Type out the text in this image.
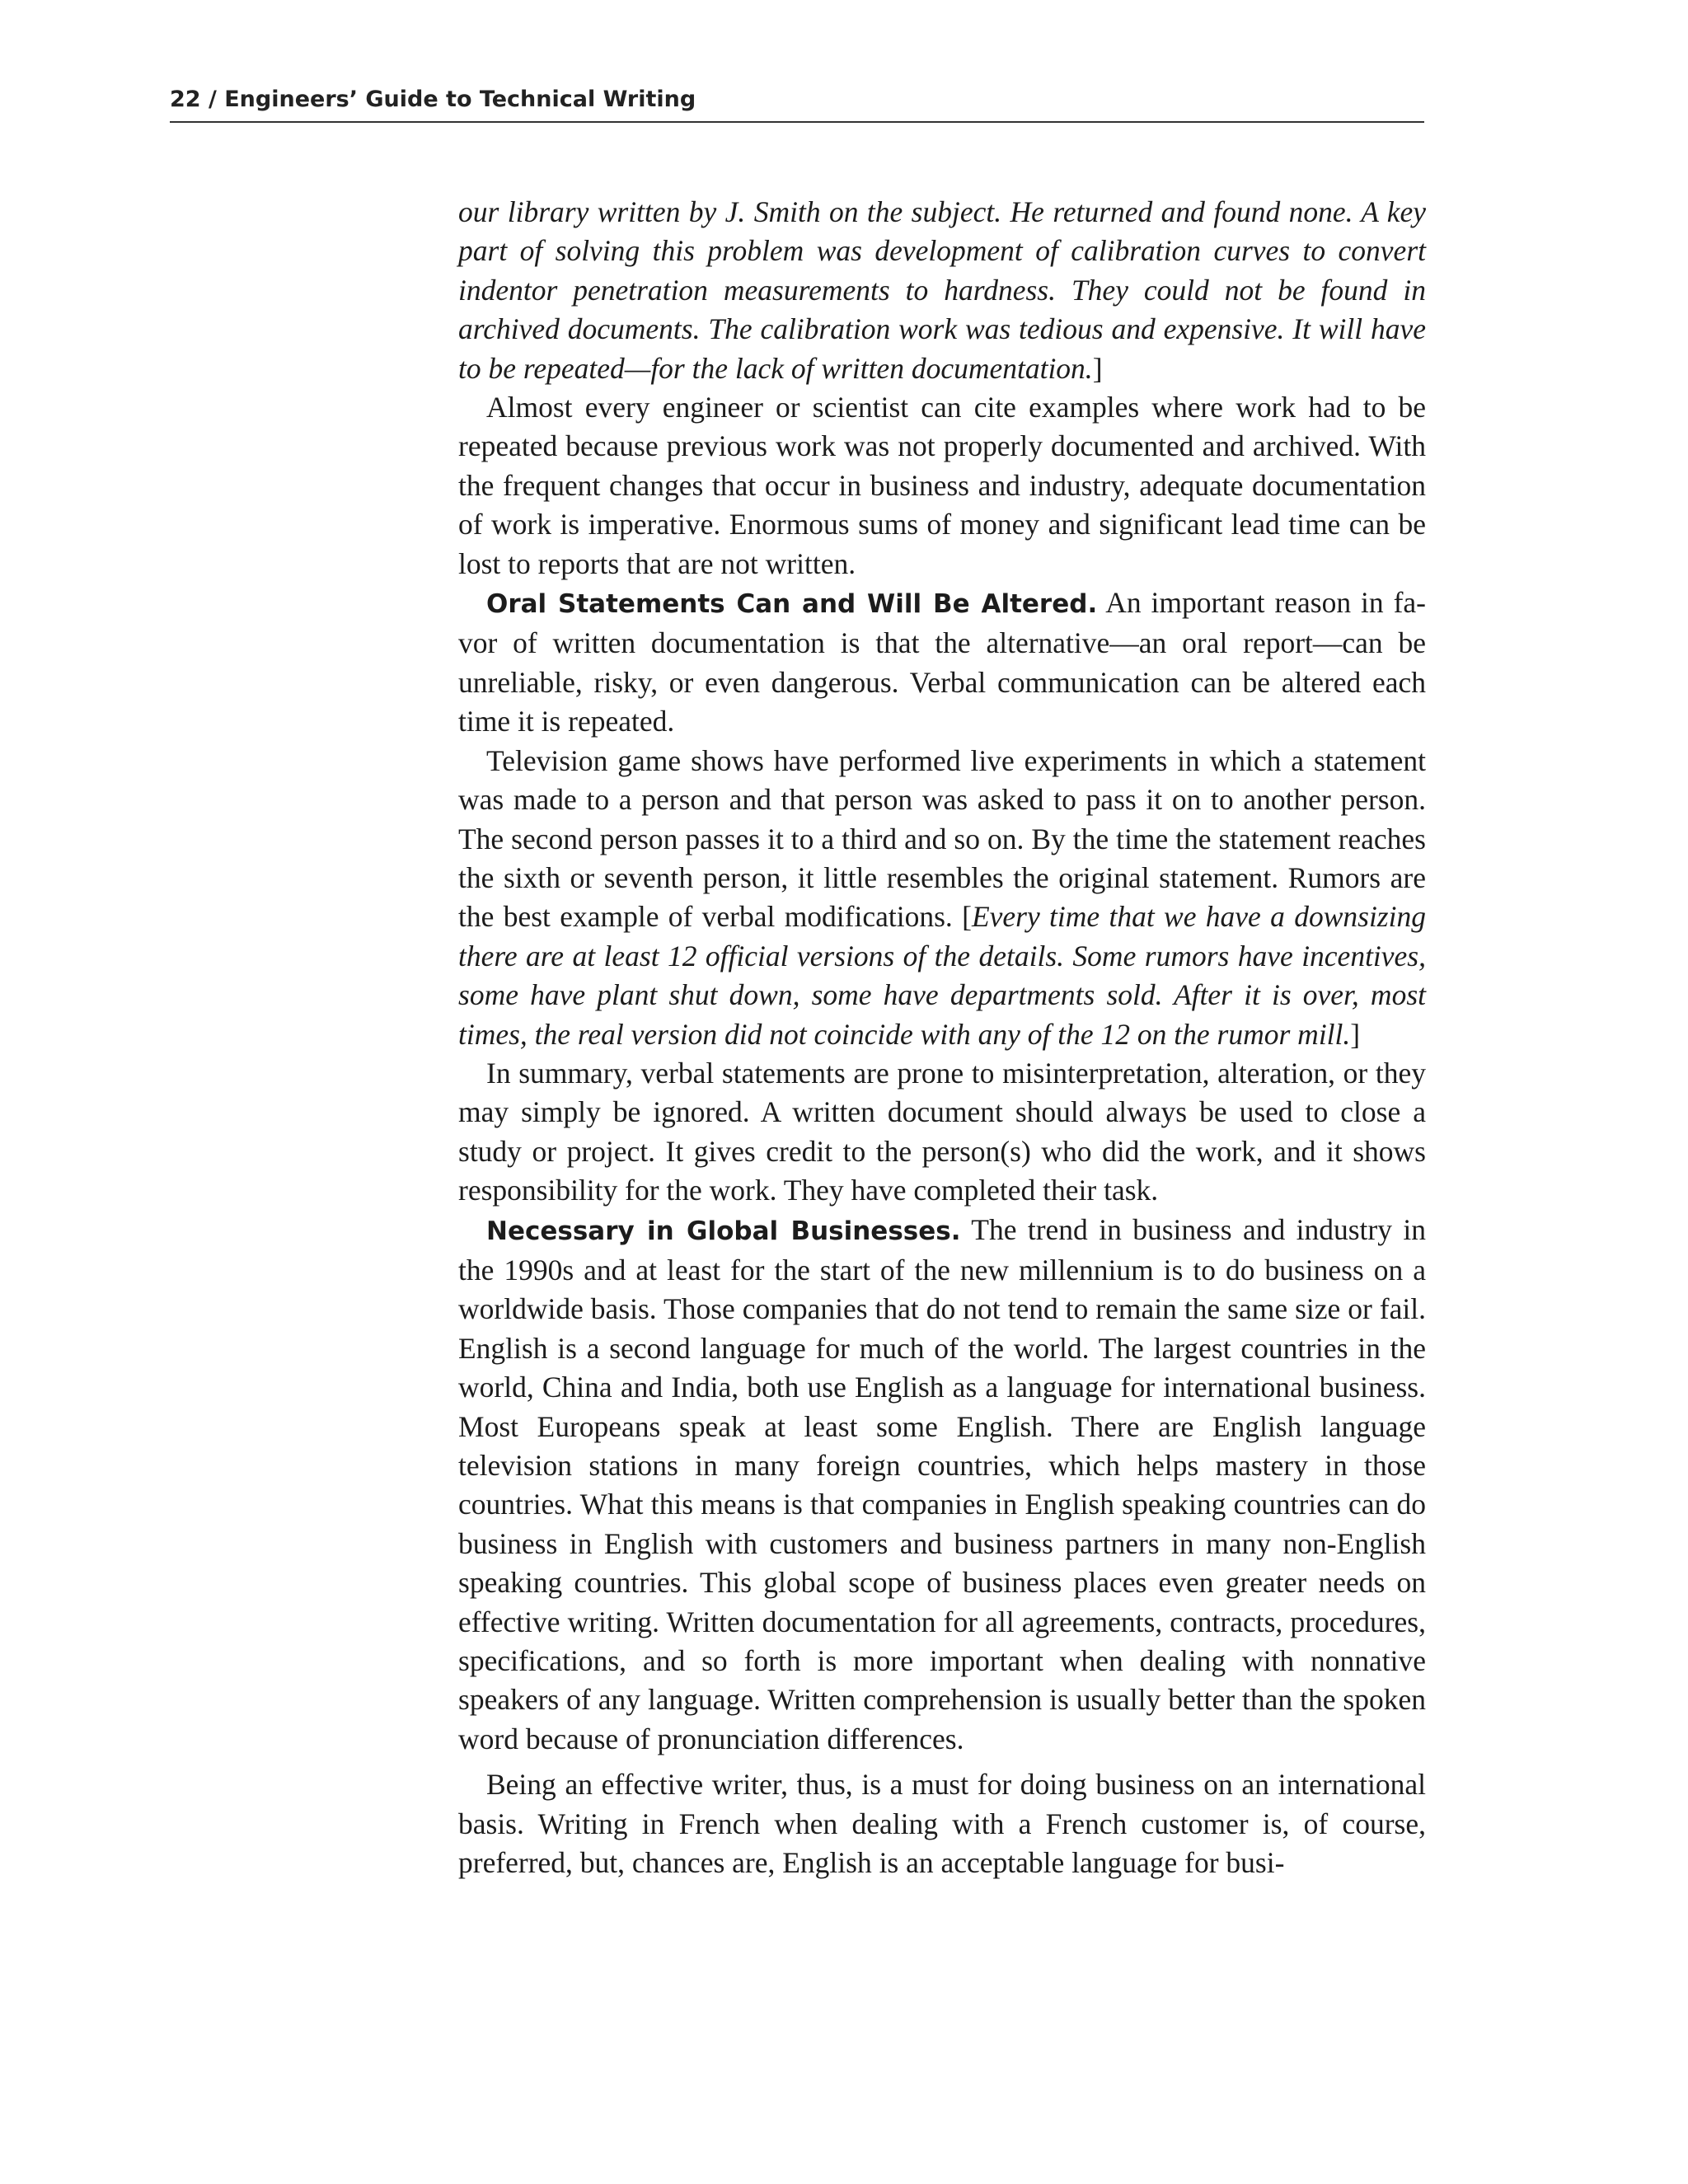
22 / Engineers’ Guide to Technical Writing

our library written by J. Smith on the subject. He returned and found none. A key part of solving this problem was development of calibration curves to convert indentor penetration measurements to hardness. They could not be found in archived documents. The calibration work was tedious and expensive. It will have to be repeated—for the lack of written documentation.]

Almost every engineer or scientist can cite examples where work had to be repeated because previous work was not properly documented and archived. With the frequent changes that occur in business and industry, adequate documentation of work is imperative. Enormous sums of money and significant lead time can be lost to reports that are not written.

Oral Statements Can and Will Be Altered. An important reason in favor of written documentation is that the alternative—an oral report—can be unreliable, risky, or even dangerous. Verbal communication can be altered each time it is repeated.

Television game shows have performed live experiments in which a statement was made to a person and that person was asked to pass it on to another person. The second person passes it to a third and so on. By the time the statement reaches the sixth or seventh person, it little resembles the original statement. Rumors are the best example of verbal modifications. [Every time that we have a downsizing there are at least 12 official versions of the details. Some rumors have incentives, some have plant shut down, some have departments sold. After it is over, most times, the real version did not coincide with any of the 12 on the rumor mill.]

In summary, verbal statements are prone to misinterpretation, alteration, or they may simply be ignored. A written document should always be used to close a study or project. It gives credit to the person(s) who did the work, and it shows responsibility for the work. They have completed their task.

Necessary in Global Businesses. The trend in business and industry in the 1990s and at least for the start of the new millennium is to do business on a worldwide basis. Those companies that do not tend to remain the same size or fail. English is a second language for much of the world. The largest countries in the world, China and India, both use English as a language for international business. Most Europeans speak at least some English. There are English language television stations in many foreign countries, which helps mastery in those countries. What this means is that companies in English speaking countries can do business in English with customers and business partners in many non-English speaking countries. This global scope of business places even greater needs on effective writing. Written documentation for all agreements, contracts, procedures, specifications, and so forth is more important when dealing with nonnative speakers of any language. Written comprehension is usually better than the spoken word because of pronunciation differences.

Being an effective writer, thus, is a must for doing business on an international basis. Writing in French when dealing with a French customer is, of course, preferred, but, chances are, English is an acceptable language for busi-
